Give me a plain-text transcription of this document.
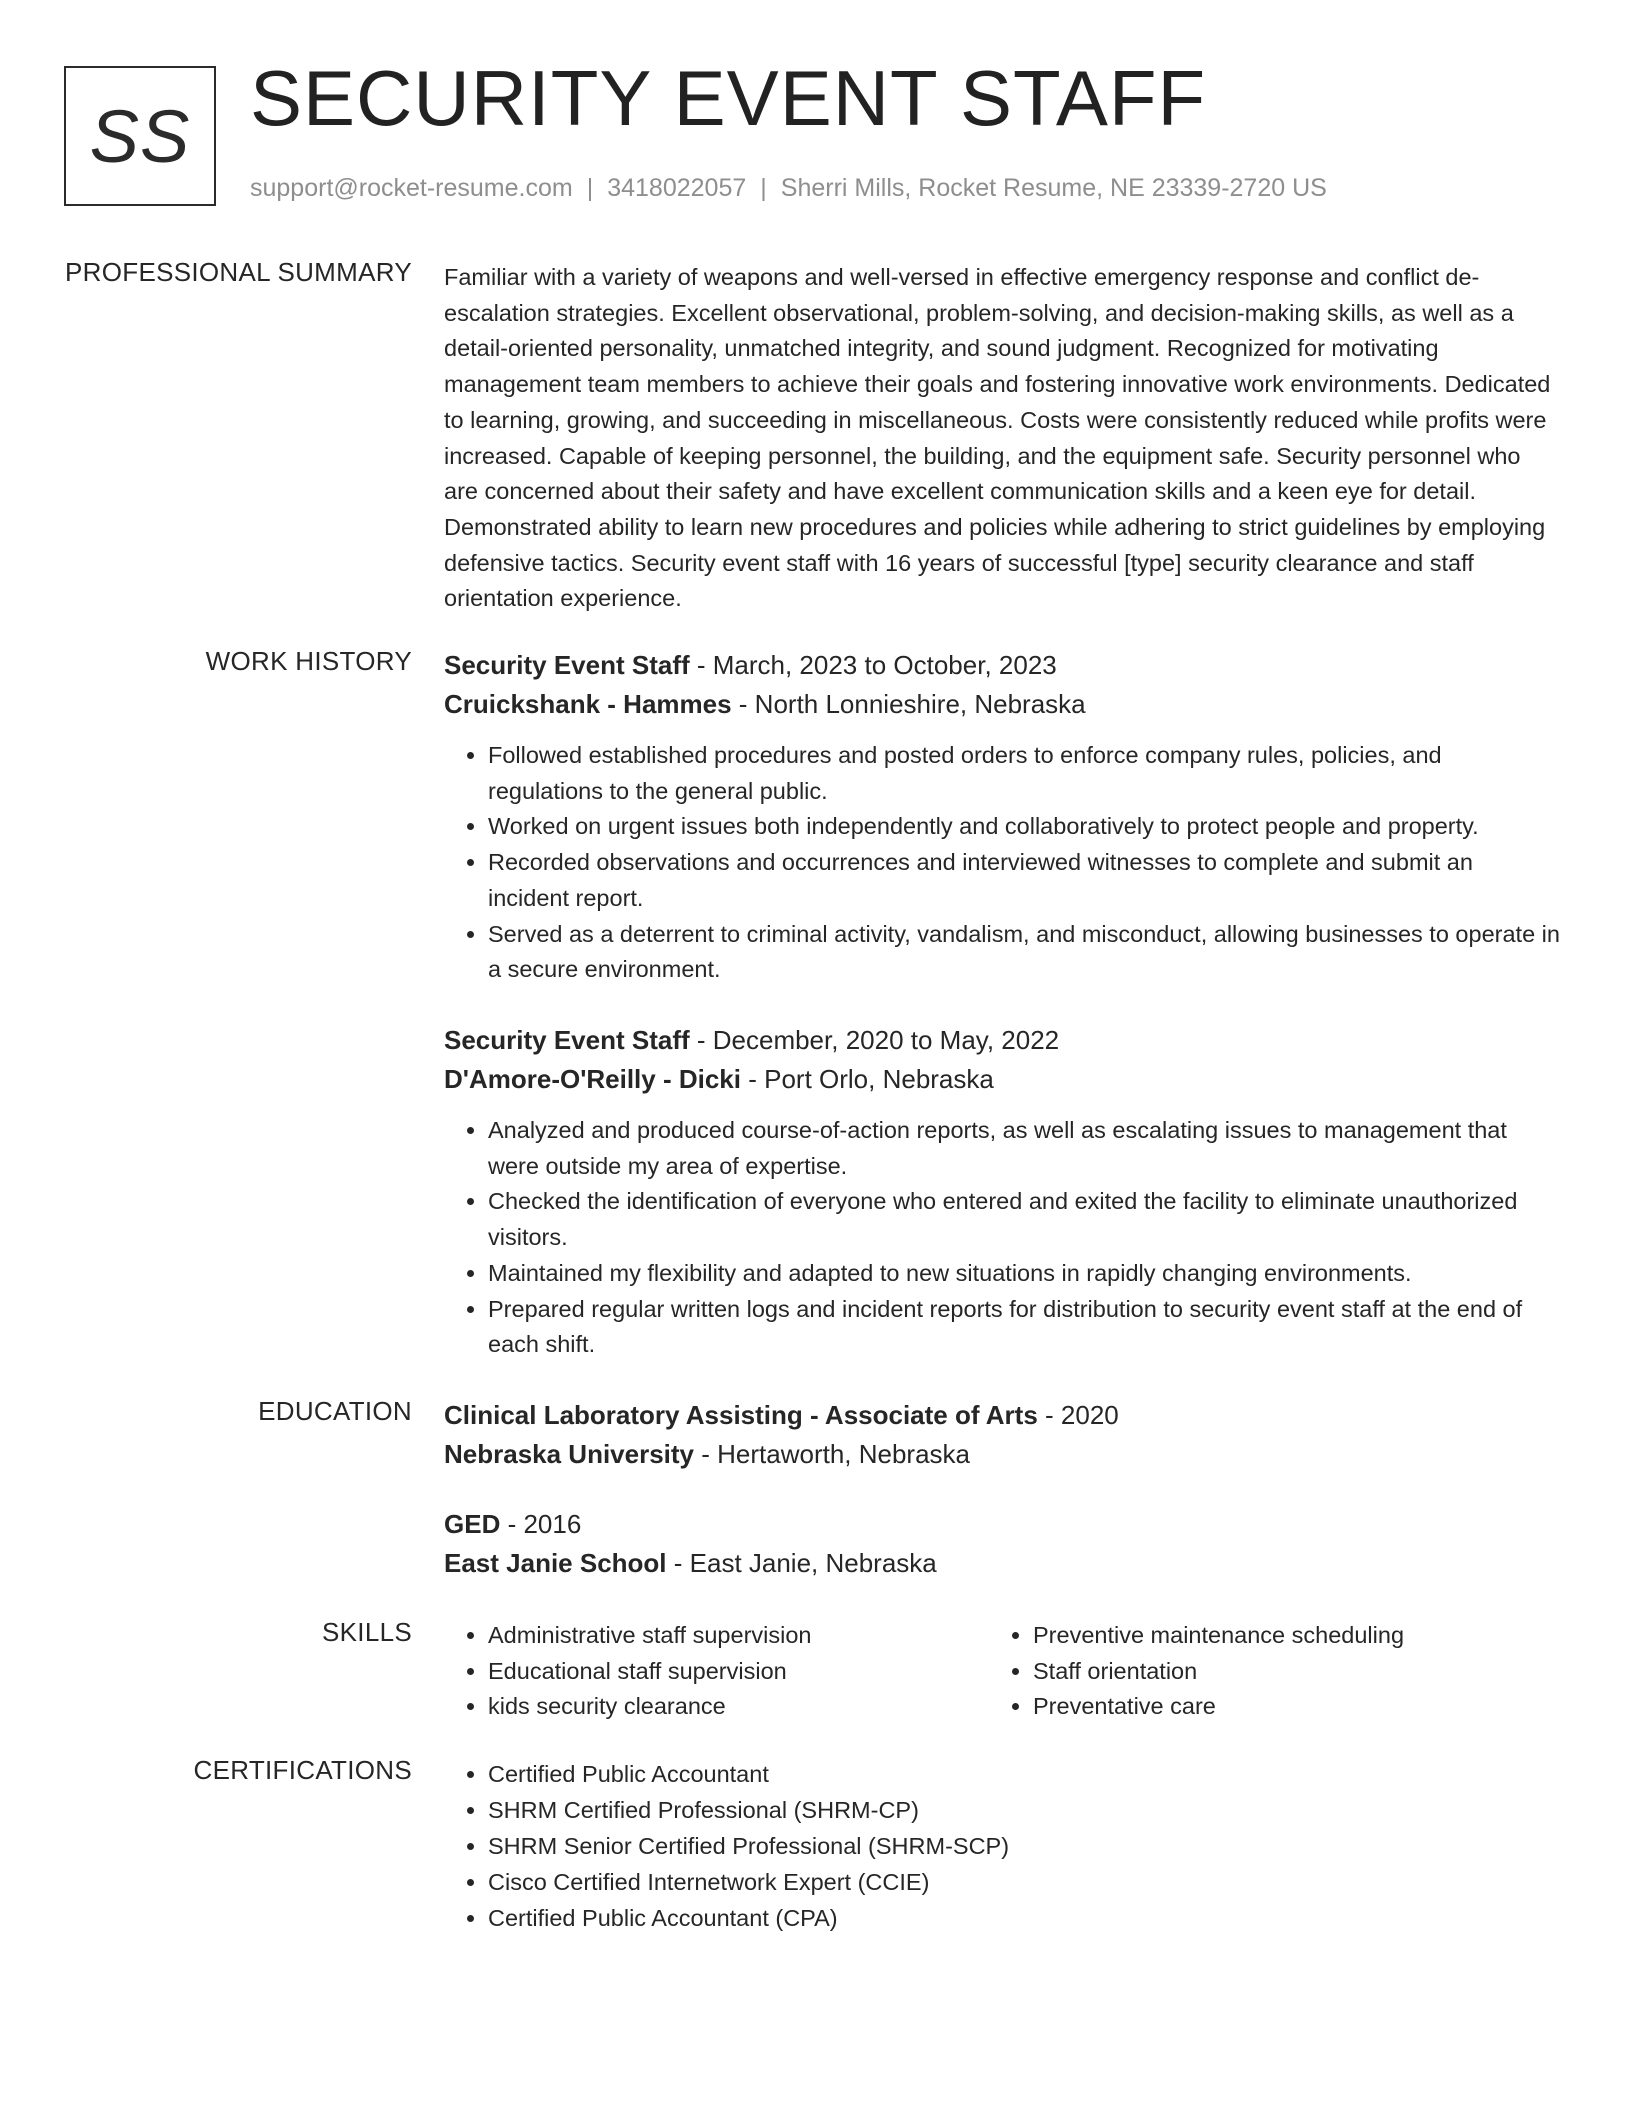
SS SECURITY EVENT STAFF
support@rocket-resume.com | 3418022057 | Sherri Mills, Rocket Resume, NE 23339-2720 US
PROFESSIONAL SUMMARY Familiar with a variety of weapons and well-versed in effective emergency response and conflict de-escalation strategies. Excellent observational, problem-solving, and decision-making skills, as well as a detail-oriented personality, unmatched integrity, and sound judgment. Recognized for motivating management team members to achieve their goals and fostering innovative work environments. Dedicated to learning, growing, and succeeding in miscellaneous. Costs were consistently reduced while profits were increased. Capable of keeping personnel, the building, and the equipment safe. Security personnel who are concerned about their safety and have excellent communication skills and a keen eye for detail. Demonstrated ability to learn new procedures and policies while adhering to strict guidelines by employing defensive tactics. Security event staff with 16 years of successful [type] security clearance and staff orientation experience.

WORK HISTORY Security Event Staff - March, 2023 to October, 2023
Cruickshank - Hammes - North Lonnieshire, Nebraska
• Followed established procedures and posted orders to enforce company rules, policies, and regulations to the general public.
• Worked on urgent issues both independently and collaboratively to protect people and property.
• Recorded observations and occurrences and interviewed witnesses to complete and submit an incident report.
• Served as a deterrent to criminal activity, vandalism, and misconduct, allowing businesses to operate in a secure environment.
Security Event Staff - December, 2020 to May, 2022
D'Amore-O'Reilly - Dicki - Port Orlo, Nebraska
• Analyzed and produced course-of-action reports, as well as escalating issues to management that were outside my area of expertise.
• Checked the identification of everyone who entered and exited the facility to eliminate unauthorized visitors.
• Maintained my flexibility and adapted to new situations in rapidly changing environments.
• Prepared regular written logs and incident reports for distribution to security event staff at the end of each shift.
EDUCATION Clinical Laboratory Assisting - Associate of Arts - 2020
Nebraska University - Hertaworth, Nebraska
GED - 2016
East Janie School - East Janie, Nebraska
SKILLS	• Administrative staff supervision
• Educational staff supervision
• kids security clearance
• Preventive maintenance scheduling
• Staff orientation
• Preventative care
CERTIFICATIONS	• Certified Public Accountant
• SHRM Certified Professional (SHRM-CP)
• SHRM Senior Certified Professional (SHRM-SCP)
• Cisco Certified Internetwork Expert (CCIE)
• Certified Public Accountant (CPA)
